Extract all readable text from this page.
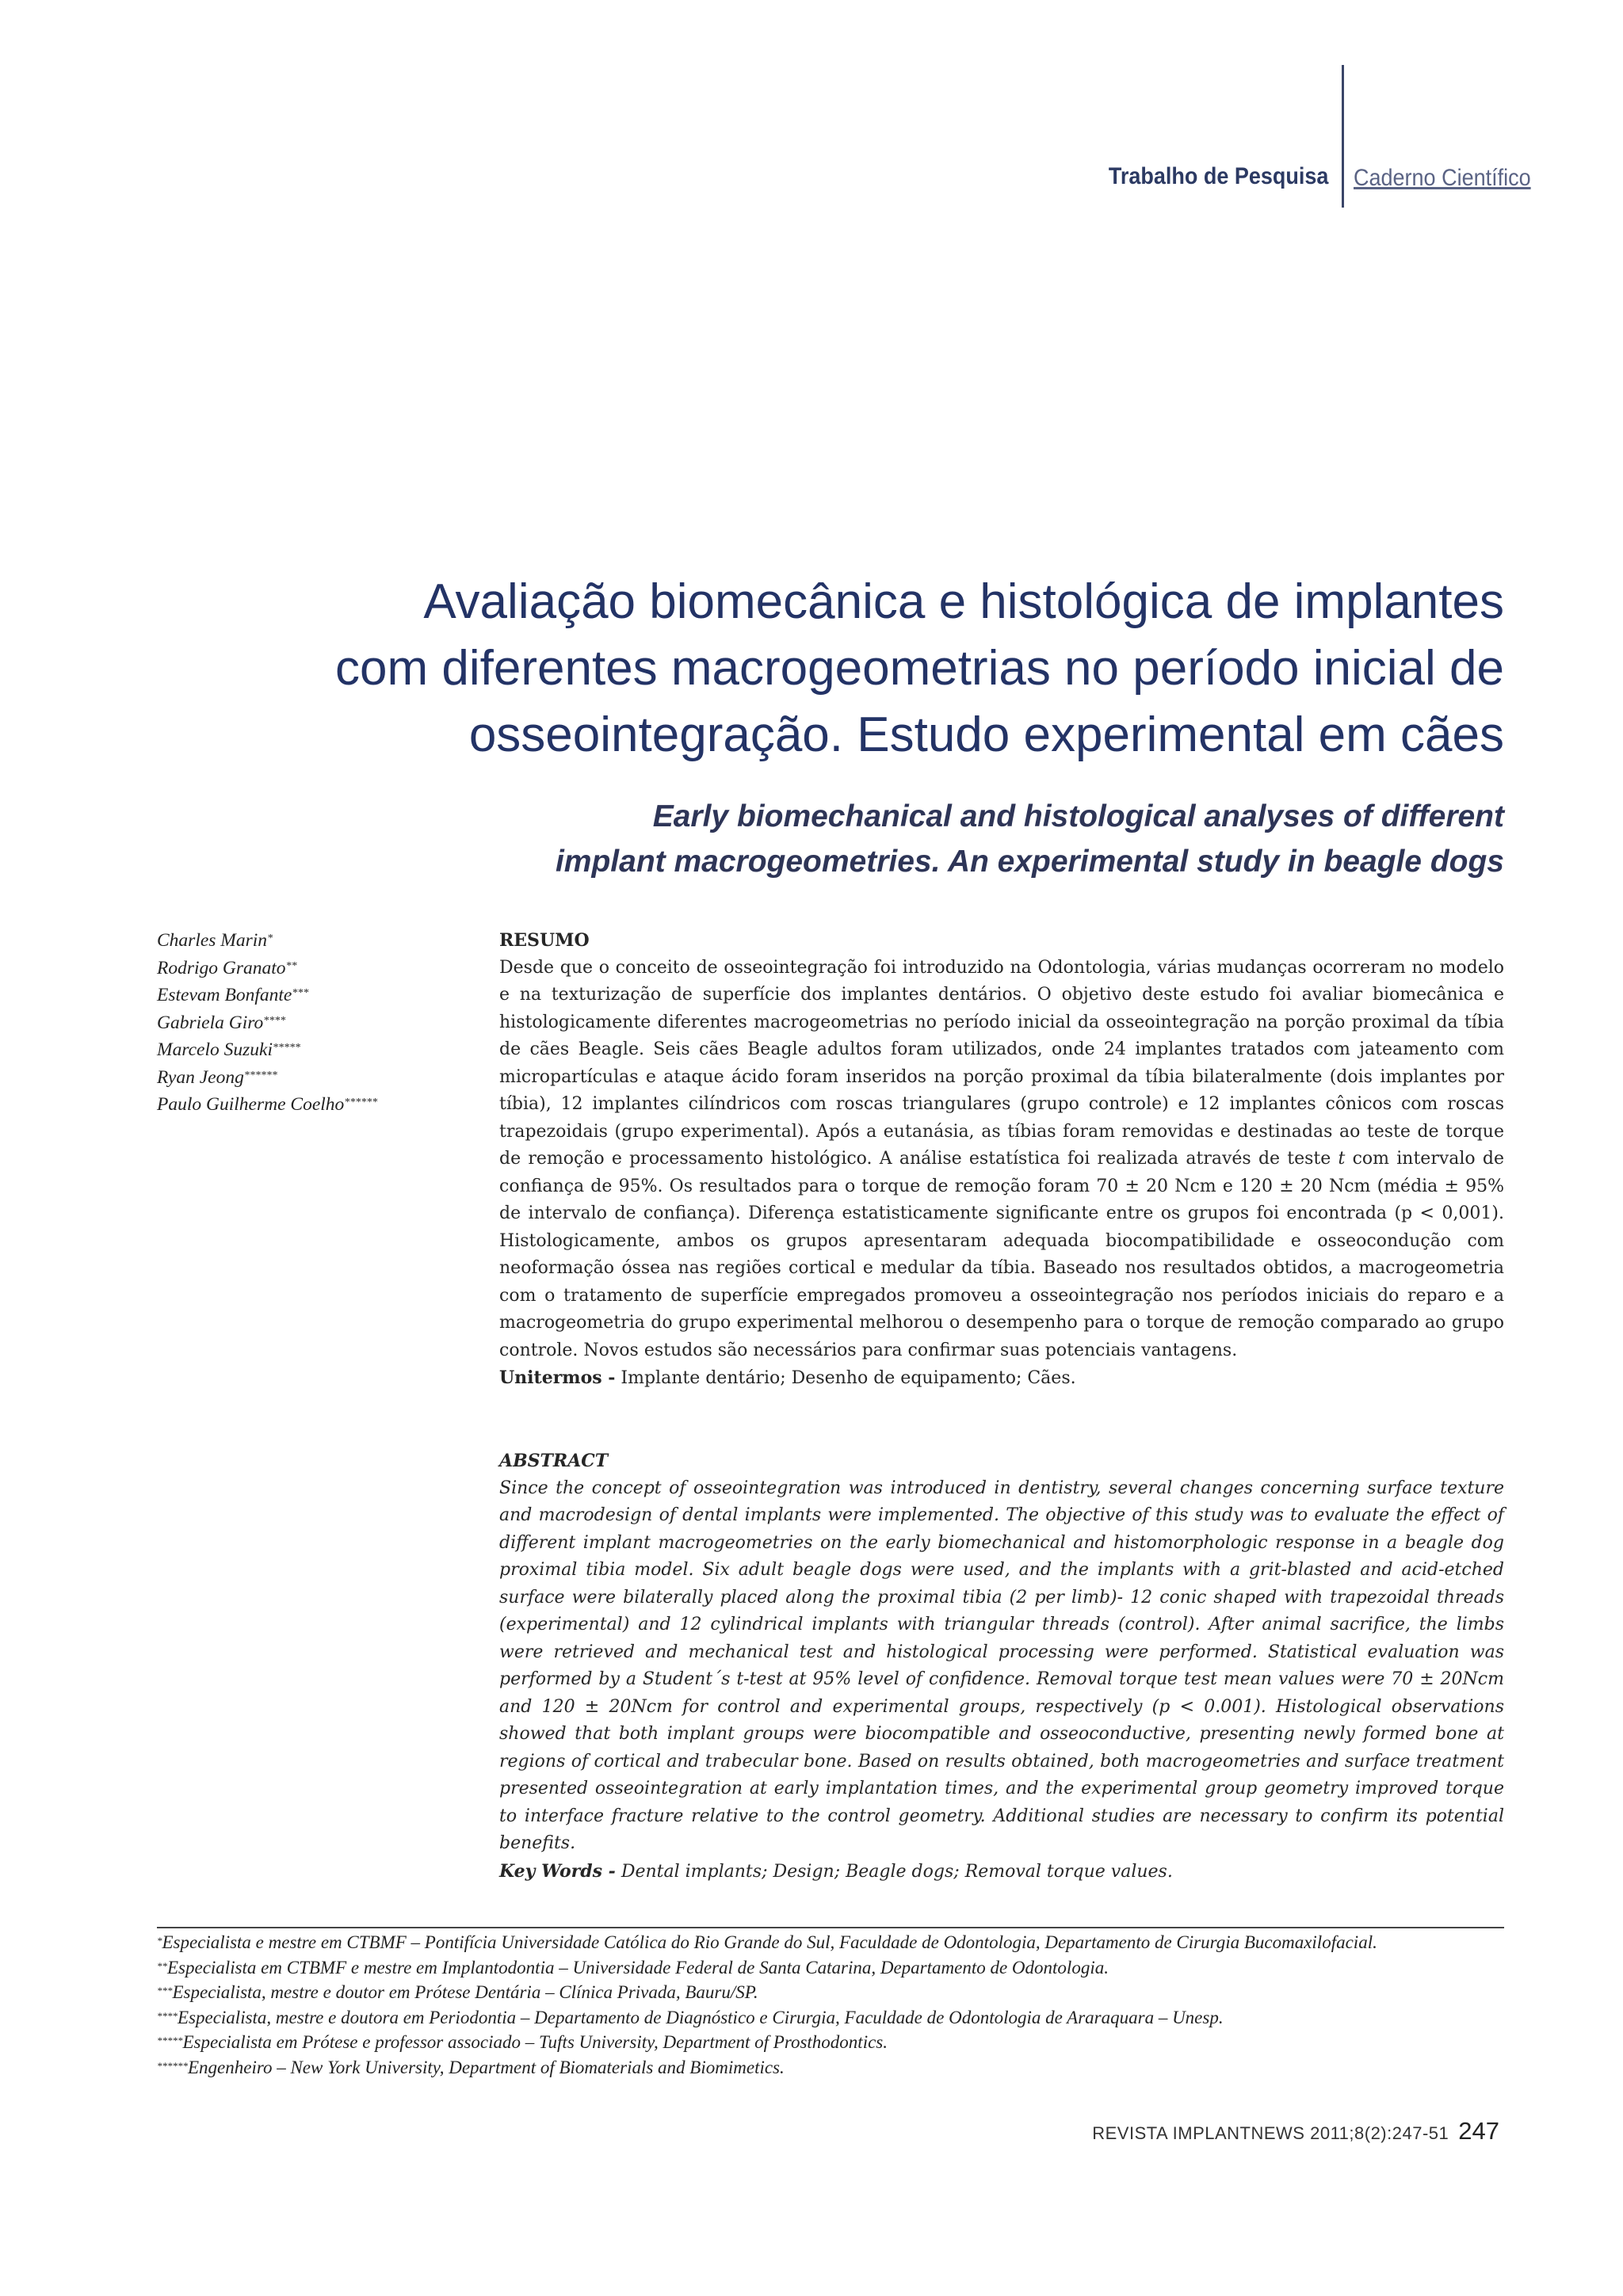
Trabalho de Pesquisa Caderno Científico
Avaliação biomecânica e histológica de implantes
com diferentes macrogeometrias no período inicial de
osseointegração. Estudo experimental em cães
Early biomechanical and histological analyses of different
implant macrogeometries. An experimental study in beagle dogs
Charles Marin*
Rodrigo Granato**
Estevam Bonfante***
Gabriela Giro****
Marcelo Suzuki*****
Ryan Jeong******
Paulo Guilherme Coelho******
RESUMO
Desde que o conceito de osseointegração foi introduzido na Odontologia, várias mudanças ocorreram no modelo e na texturização de superfície dos implantes dentários. O objetivo deste estudo foi avaliar biomecânica e histologicamente diferentes macrogeometrias no período inicial da osseointegração na porção proximal da tíbia de cães Beagle. Seis cães Beagle adultos foram utilizados, onde 24 implantes tratados com jateamento com micropartículas e ataque ácido foram inseridos na porção proximal da tíbia bilateralmente (dois implantes por tíbia), 12 implantes cilíndricos com roscas triangulares (grupo controle) e 12 implantes cônicos com roscas trapezoidais (grupo experimental). Após a eutanásia, as tíbias foram removidas e destinadas ao teste de torque de remoção e processamento histológico. A análise estatística foi realizada através de teste t com intervalo de confiança de 95%. Os resultados para o torque de remoção foram 70 ± 20 Ncm e 120 ± 20 Ncm (média ± 95% de intervalo de confiança). Diferença estatisticamente significante entre os grupos foi encontrada (p < 0,001). Histologicamente, ambos os grupos apresentaram adequada biocompatibilidade e osseocondução com neoformação óssea nas regiões cortical e medular da tíbia. Baseado nos resultados obtidos, a macrogeometria com o tratamento de superfície empregados promoveu a osseointegração nos períodos iniciais do reparo e a macrogeometria do grupo experimental melhorou o desempenho para o torque de remoção comparado ao grupo controle. Novos estudos são necessários para confirmar suas potenciais vantagens.
Unitermos - Implante dentário; Desenho de equipamento; Cães.
ABSTRACT
Since the concept of osseointegration was introduced in dentistry, several changes concerning surface texture and macrodesign of dental implants were implemented. The objective of this study was to evaluate the effect of different implant macrogeometries on the early biomechanical and histomorphologic response in a beagle dog proximal tibia model. Six adult beagle dogs were used, and the implants with a grit-blasted and acid-etched surface were bilaterally placed along the proximal tibia (2 per limb)- 12 conic shaped with trapezoidal threads (experimental) and 12 cylindrical implants with triangular threads (control). After animal sacrifice, the limbs were retrieved and mechanical test and histological processing were performed. Statistical evaluation was performed by a Student´s t-test at 95% level of confidence. Removal torque test mean values were 70 ± 20Ncm and 120 ± 20Ncm for control and experimental groups, respectively (p < 0.001). Histological observations showed that both implant groups were biocompatible and osseoconductive, presenting newly formed bone at regions of cortical and trabecular bone. Based on results obtained, both macrogeometries and surface treatment presented osseointegration at early implantation times, and the experimental group geometry improved torque to interface fracture relative to the control geometry. Additional studies are necessary to confirm its potential benefits.
Key Words - Dental implants; Design; Beagle dogs; Removal torque values.

*Especialista e mestre em CTBMF – Pontifícia Universidade Católica do Rio Grande do Sul, Faculdade de Odontologia, Departamento de Cirurgia Bucomaxilofacial.

**Especialista em CTBMF e mestre em Implantodontia – Universidade Federal de Santa Catarina, Departamento de Odontologia.

***Especialista, mestre e doutor em Prótese Dentária – Clínica Privada, Bauru/SP.

****Especialista, mestre e doutora em Periodontia – Departamento de Diagnóstico e Cirurgia, Faculdade de Odontologia de Araraquara – Unesp.

*****Especialista em Prótese e professor associado – Tufts University, Department of Prosthodontics.

******Engenheiro – New York University, Department of Biomaterials and Biomimetics.

REVISTA IMPLANTNEWS 2011;8(2):247-51 247
